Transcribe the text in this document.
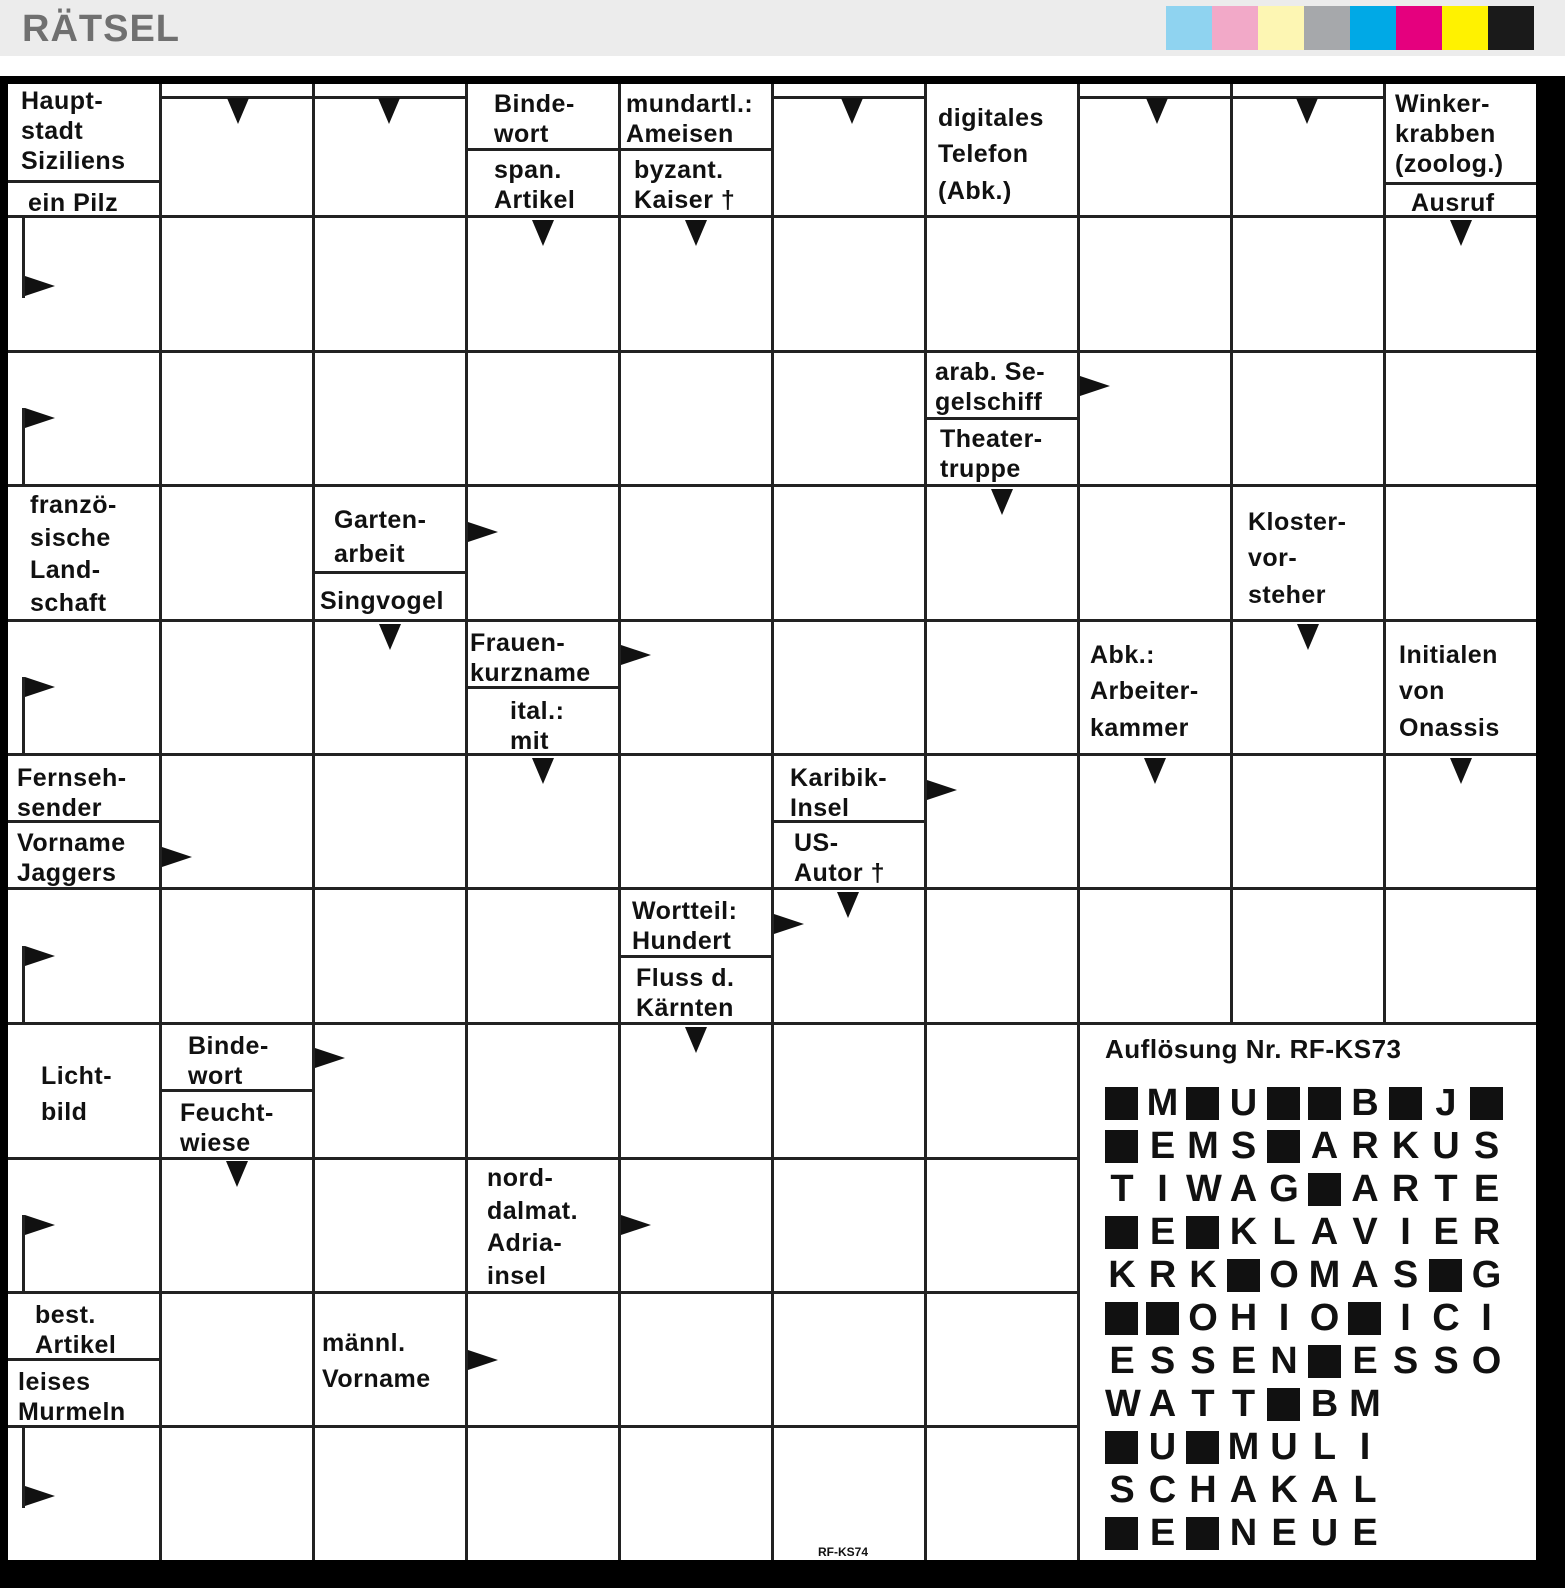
RÄTSEL
Haupt-
stadt
Siziliens
ein Pilz
Binde-
wort
span.
Artikel
mundartl.:
Ameisen
byzant.
Kaiser †
digitales
Telefon
(Abk.)
Winker-
krabben
(zoolog.)
Ausruf
arab. Se-
gelschiff
Theater-
truppe
franzö-
sische
Land-
schaft
Garten-
arbeit
Singvogel
Kloster-
vor-
steher
Frauen-
kurzname
ital.:
mit
Abk.:
Arbeiter-
kammer
Initialen
von
Onassis
Fernseh-
sender
Vorname
Jaggers
Karibik-
Insel
US-
Autor †
Wortteil:
Hundert
Fluss d.
Kärnten
Licht-
bild
Binde-
wort
Feucht-
wiese
nord-
dalmat.
Adria-
insel
best.
Artikel
leises
Murmeln
männl.
Vorname
Auflösung Nr. RF-KS73
M U B J
E M S A R K U S
T I W A G A R T E
E K L A V I E R
K R K O M A S G
O H I O	I C I
E S S E N E S S O
W A T T B M
U M U L I
S C H A K A L
E N E U E
RF-KS74
